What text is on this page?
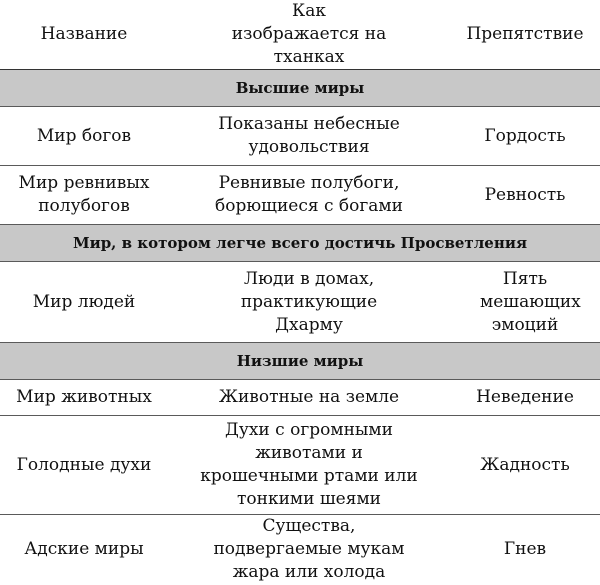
Название	Как изображается на тханках	Препятствие
Высшие миры		
Мир богов	Показаны небесные удовольствия	Гордость
Мир ревнивых полубогов	Ревнивые полубоги, борющиеся с богами	Ревность
Мир, в котором легче всего достичь Просветления		
Мир людей	Люди в домах, практикующие Дхарму	Пять мешающих эмоций
Низшие миры		
Мир животных	Животные на земле	Неведение
Голодные духи	Духи с огромными животами и крошечными ртами или тонкими шеями	Жадность
Адские миры	Существа, подвергаемые мукам жара или холода	Гнев
